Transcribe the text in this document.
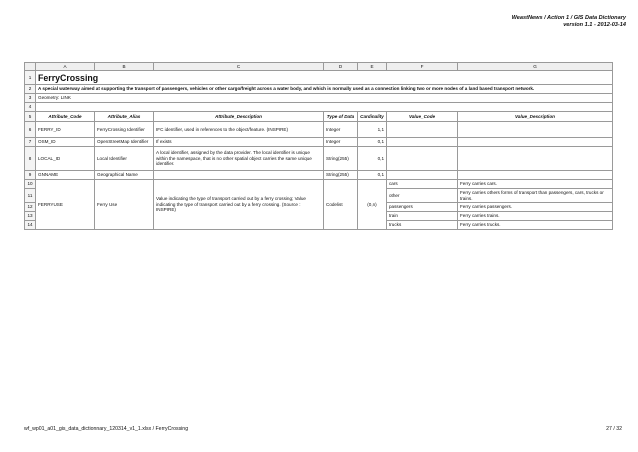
WeastNews / Action 1 / GIS Data Dictionary
version 1.1 - 2012-03-14
	A	B	C	D	E	F	G
1	FerryCrossing						
2	A special waterway aimed at supporting the transport of passengers, vehicles or other cargo/freight across a water body, and which is normally used as a connection linking two or more nodes of a land based transport network.						
3	Geometry: LINK						
4							
5	Attribute_Code	Attribute_Alias	Attribute_Description	Type of Data	Cardinality	Value_Code	Value_Description
6	FERRY_ID	FerryCrossing Identifier	IFC identifier, used in references to the object/feature. (INSPIRE)	Integer	1,1		
7	OSM_ID	OpenStreetMap Identifier	If exists	Integer	0,1		
8	LOCAL_ID	Local Identifier	A local identifier, assigned by the data provider. The local identifier is unique within the namespace, that is no other spatial object carries the same unique identifier.	String(255)	0,1		
9	GNNAME	Geographical Name		String(255)	0,1		
10	FERRYUSE	Ferry Use	Value indicating the type of transport carried out by a ferry crossing; Value indicating the type of transport carried out by a ferry crossing. (Source : INSPIRE)	Codelist	(0,n)	cars	Ferry carries cars.
11						other	Ferry carries others forms of transport than passengers, cars, trucks or trains.
12						passengers	Ferry carries passengers.
13						train	Ferry carries trains.
14						trucks	Ferry carries trucks.
wf_wp01_a01_gis_data_dictionnary_120314_v1_1.xlsx / FerryCrossing	27 / 32
